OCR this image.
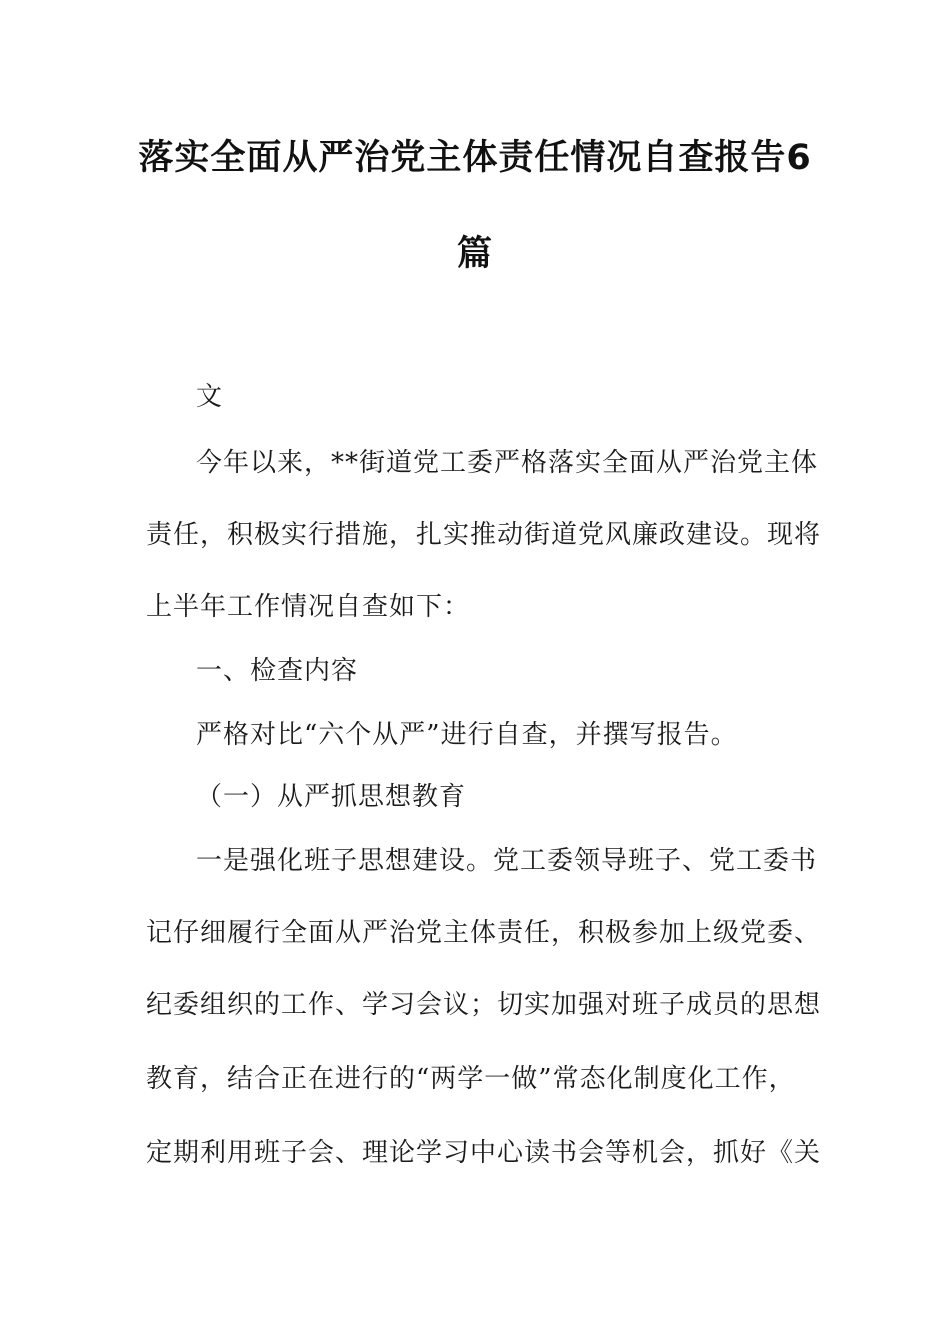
落实全面从严治党主体责任情况自查报告6
篇
文
今年以来，**街道党工委严格落实全面从严治党主体
责任，积极实行措施，扎实推动街道党风廉政建设。现将
上半年工作情况自查如下：
一、检查内容
严格对比“六个从严”进行自查，并撰写报告。
（一）从严抓思想教育
一是强化班子思想建设。党工委领导班子、党工委书
记仔细履行全面从严治党主体责任，积极参加上级党委、
纪委组织的工作、学习会议；切实加强对班子成员的思想
教育，结合正在进行的“两学一做”常态化制度化工作，
定期利用班子会、理论学习中心读书会等机会，抓好《关
